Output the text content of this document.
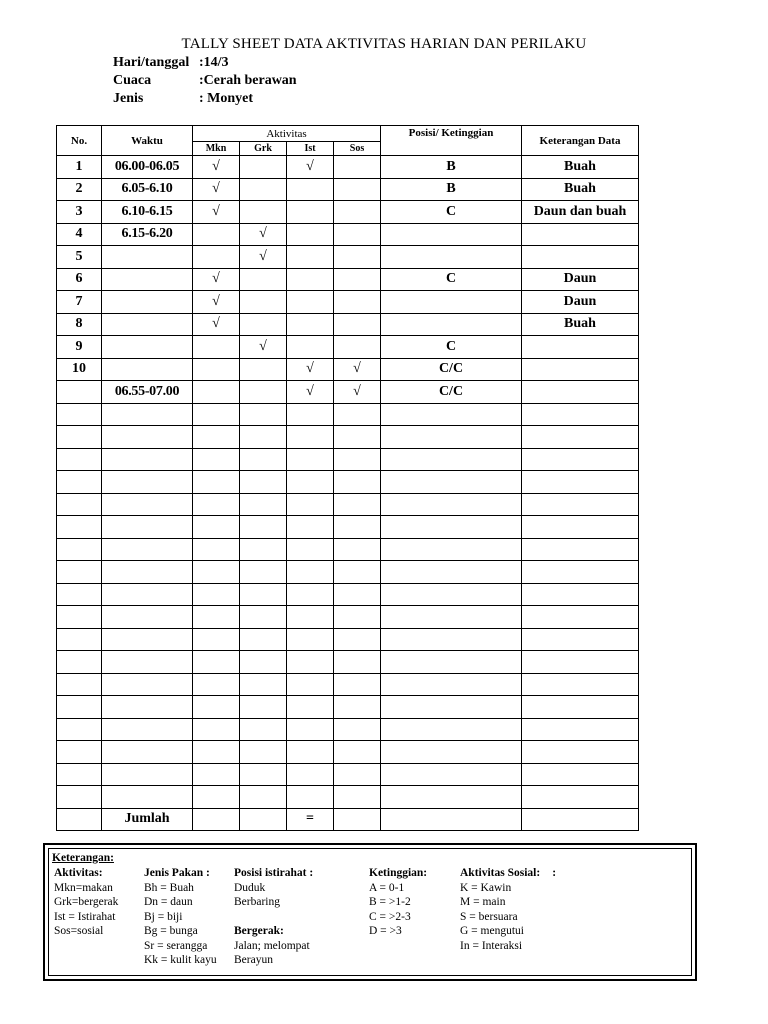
TALLY SHEET DATA AKTIVITAS HARIAN DAN PERILAKU
Hari/tanggal :14/3
Cuaca	:Cerah berawan
Jenis	: Monyet
No.	Waktu	Aktivitas				Posisi/ Ketinggian	Keterangan Data
		Mkn	Grk	Ist	Sos		
1	06.00-06.05	√		√		B	Buah
2	6.05-6.10	√				B	Buah
3	6.10-6.15	√				C	Daun dan buah
4	6.15-6.20		√				
5			√				
6		√				C	Daun
7		√					Daun
8		√					Buah
9			√			C	
10				√	√	C/C	
	06.55-07.00			√	√	C/C	

	Jumlah			=			
Keterangan:
Aktivitas:
Mkn=makan
Grk=bergerak
Ist = Istirahat
Sos=sosial
Jenis Pakan :
Bh = Buah
Dn = daun
Bj = biji
Bg = bunga
Sr = serangga
Kk = kulit kayu
Posisi istirahat :
Duduk
Berbaring

Bergerak:
Jalan; melompat
Berayun
Ketinggian:
A = 0-1
B = >1-2
C = >2-3
D = >3
Aktivitas Sosial: :
K = Kawin
M = main
S = bersuara
G = mengutui
In = Interaksi
